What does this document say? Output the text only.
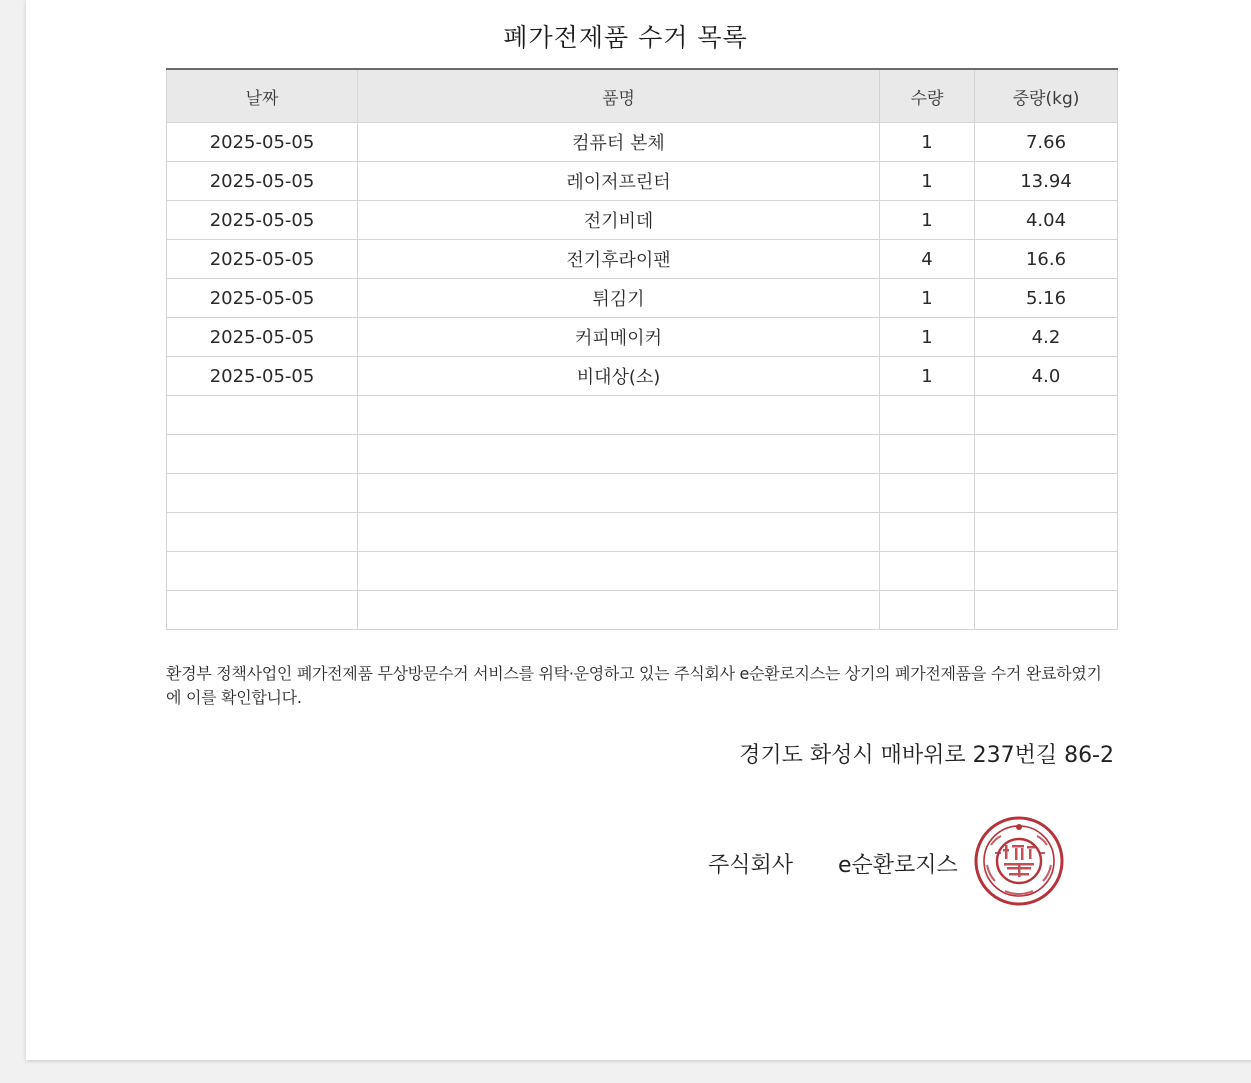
폐가전제품 수거 목록
날짜	품명	수량	중량(kg)
2025-05-05	컴퓨터 본체	1	7.66
2025-05-05	레이저프린터	1	13.94
2025-05-05	전기비데	1	4.04
2025-05-05	전기후라이팬	4	16.6
2025-05-05	튀김기	1	5.16
2025-05-05	커피메이커	1	4.2
2025-05-05	비대상(소)	1	4.0

환경부 정책사업인 폐가전제품 무상방문수거 서비스를 위탁·운영하고 있는 주식회사 e순환로지스는 상기의 폐가전제품을 수거 완료하였기에 이를 확인합니다.
경기도 화성시 매바위로 237번길 86-2
주식회사 e순환로지스
